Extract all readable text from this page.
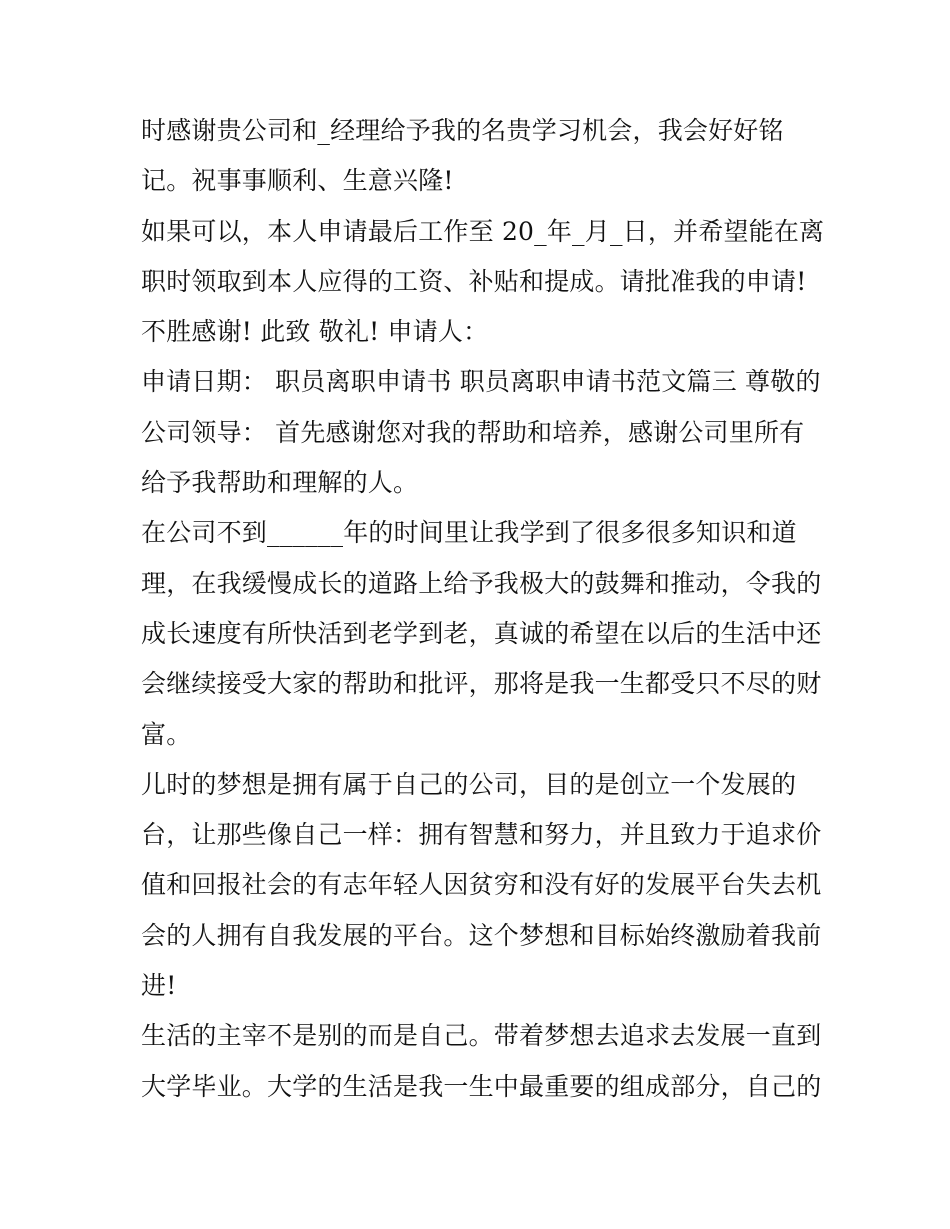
时感谢贵公司和_经理给予我的名贵学习机会，我会好好铭
记。祝事事顺利、生意兴隆!
如果可以，本人申请最后工作至 20_年_月_日，并希望能在离
职时领取到本人应得的工资、补贴和提成。请批准我的申请!
不胜感谢! 此致 敬礼! 申请人：
申请日期： 职员离职申请书 职员离职申请书范文篇三 尊敬的
公司领导： 首先感谢您对我的帮助和培养，感谢公司里所有
给予我帮助和理解的人。
在公司不到______年的时间里让我学到了很多很多知识和道
理，在我缓慢成长的道路上给予我极大的鼓舞和推动，令我的
成长速度有所快活到老学到老，真诚的希望在以后的生活中还
会继续接受大家的帮助和批评，那将是我一生都受只不尽的财
富。
儿时的梦想是拥有属于自己的公司，目的是创立一个发展的
台，让那些像自己一样：拥有智慧和努力，并且致力于追求价
值和回报社会的有志年轻人因贫穷和没有好的发展平台失去机
会的人拥有自我发展的平台。这个梦想和目标始终激励着我前
进!
生活的主宰不是别的而是自己。带着梦想去追求去发展一直到
大学毕业。大学的生活是我一生中最重要的组成部分，自己的
